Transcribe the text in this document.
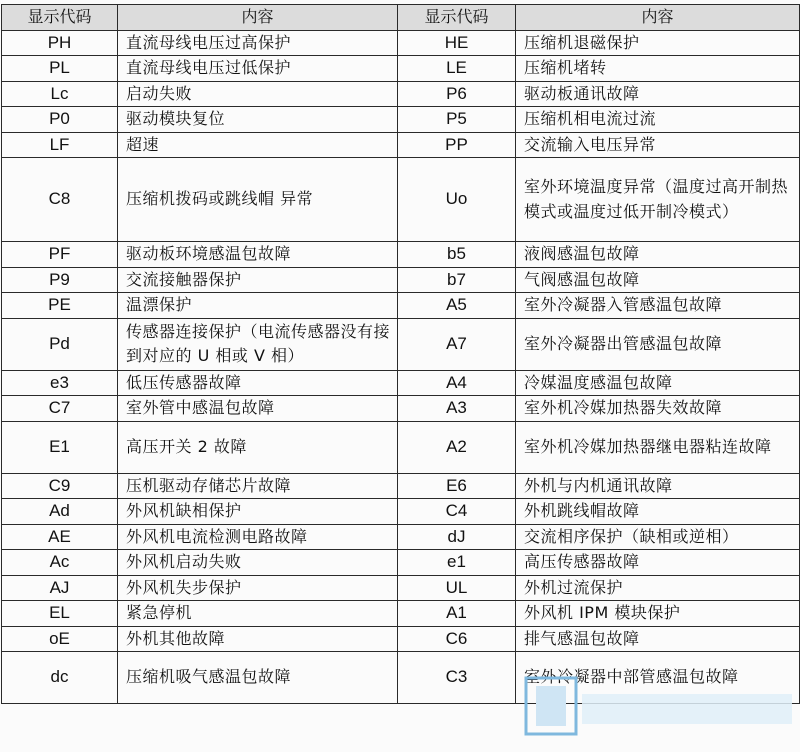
显示代码	内容	显示代码	内容
PH	直流母线电压过高保护	HE	压缩机退磁保护
PL	直流母线电压过低保护	LE	压缩机堵转
Lc	启动失败	P6	驱动板通讯故障
P0	驱动模块复位	P5	压缩机相电流过流
LF	超速	PP	交流输入电压异常
C8	压缩机拨码或跳线帽 异常	Uo	室外环境温度异常（温度过高开制热模式或温度过低开制冷模式）
PF	驱动板环境感温包故障	b5	液阀感温包故障
P9	交流接触器保护	b7	气阀感温包故障
PE	温漂保护	A5	室外冷凝器入管感温包故障
Pd	传感器连接保护（电流传感器没有接到对应的 U 相或 V 相）	A7	室外冷凝器出管感温包故障
e3	低压传感器故障	A4	冷媒温度感温包故障
C7	室外管中感温包故障	A3	室外机冷媒加热器失效故障
E1	高压开关 2 故障	A2	室外机冷媒加热器继电器粘连故障
C9	压机驱动存储芯片故障	E6	外机与内机通讯故障
Ad	外风机缺相保护	C4	外机跳线帽故障
AE	外风机电流检测电路故障	dJ	交流相序保护（缺相或逆相）
Ac	外风机启动失败	e1	高压传感器故障
AJ	外风机失步保护	UL	外机过流保护
EL	紧急停机	A1	外风机 IPM 模块保护
oE	外机其他故障	C6	排气感温包故障
dc	压缩机吸气感温包故障	C3	室外冷凝器中部管感温包故障
